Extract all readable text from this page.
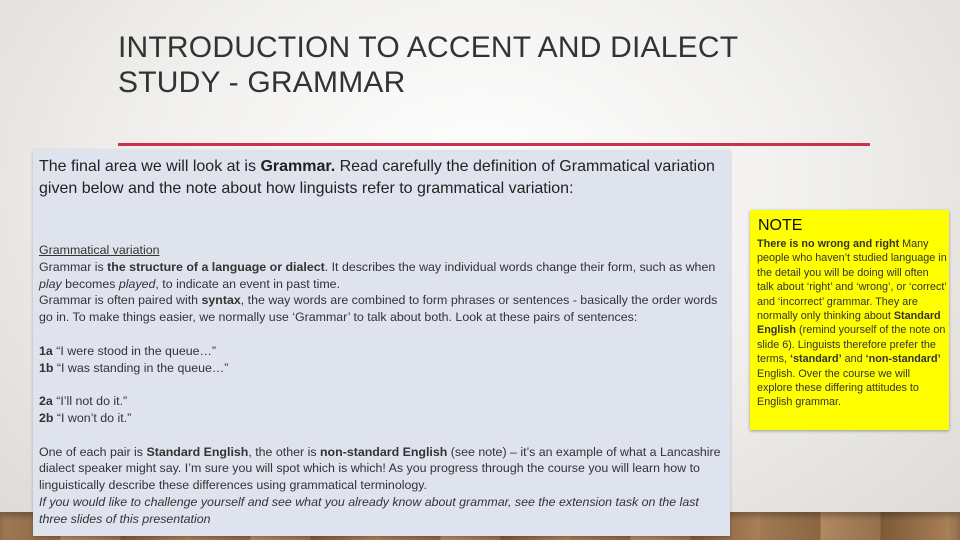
INTRODUCTION TO ACCENT AND DIALECT
STUDY - GRAMMAR
The final area we will look at is Grammar. Read carefully the definition of Grammatical variation given below and the note about how linguists refer to grammatical variation:

Grammatical variation

Grammar is the structure of a language or dialect. It describes the way individual words change their form, such as when play becomes played, to indicate an event in past time.

Grammar is often paired with syntax, the way words are combined to form phrases or sentences - basically the order words go in. To make things easier, we normally use ‘Grammar’ to talk about both. Look at these pairs of sentences:

1a “I were stood in the queue…”

1b “I was standing in the queue…”

2a “I’ll not do it.”

2b “I won’t do it.”

One of each pair is Standard English, the other is non-standard English (see note) – it’s an example of what a Lancashire dialect speaker might say. I’m sure you will spot which is which! As you progress through the course you will learn how to linguistically describe these differences using grammatical terminology.

If you would like to challenge yourself and see what you already know about grammar, see the extension task on the last three slides of this presentation

NOTE
There is no wrong and right Many people who haven’t studied language in the detail you will be doing will often talk about ‘right’ and ‘wrong’, or ‘correct’ and ‘incorrect’ grammar. They are normally only thinking about Standard English (remind yourself of the note on slide 6). Linguists therefore prefer the terms, ‘standard’ and ‘non-standard’ English. Over the course we will explore these differing attitudes to English grammar.
